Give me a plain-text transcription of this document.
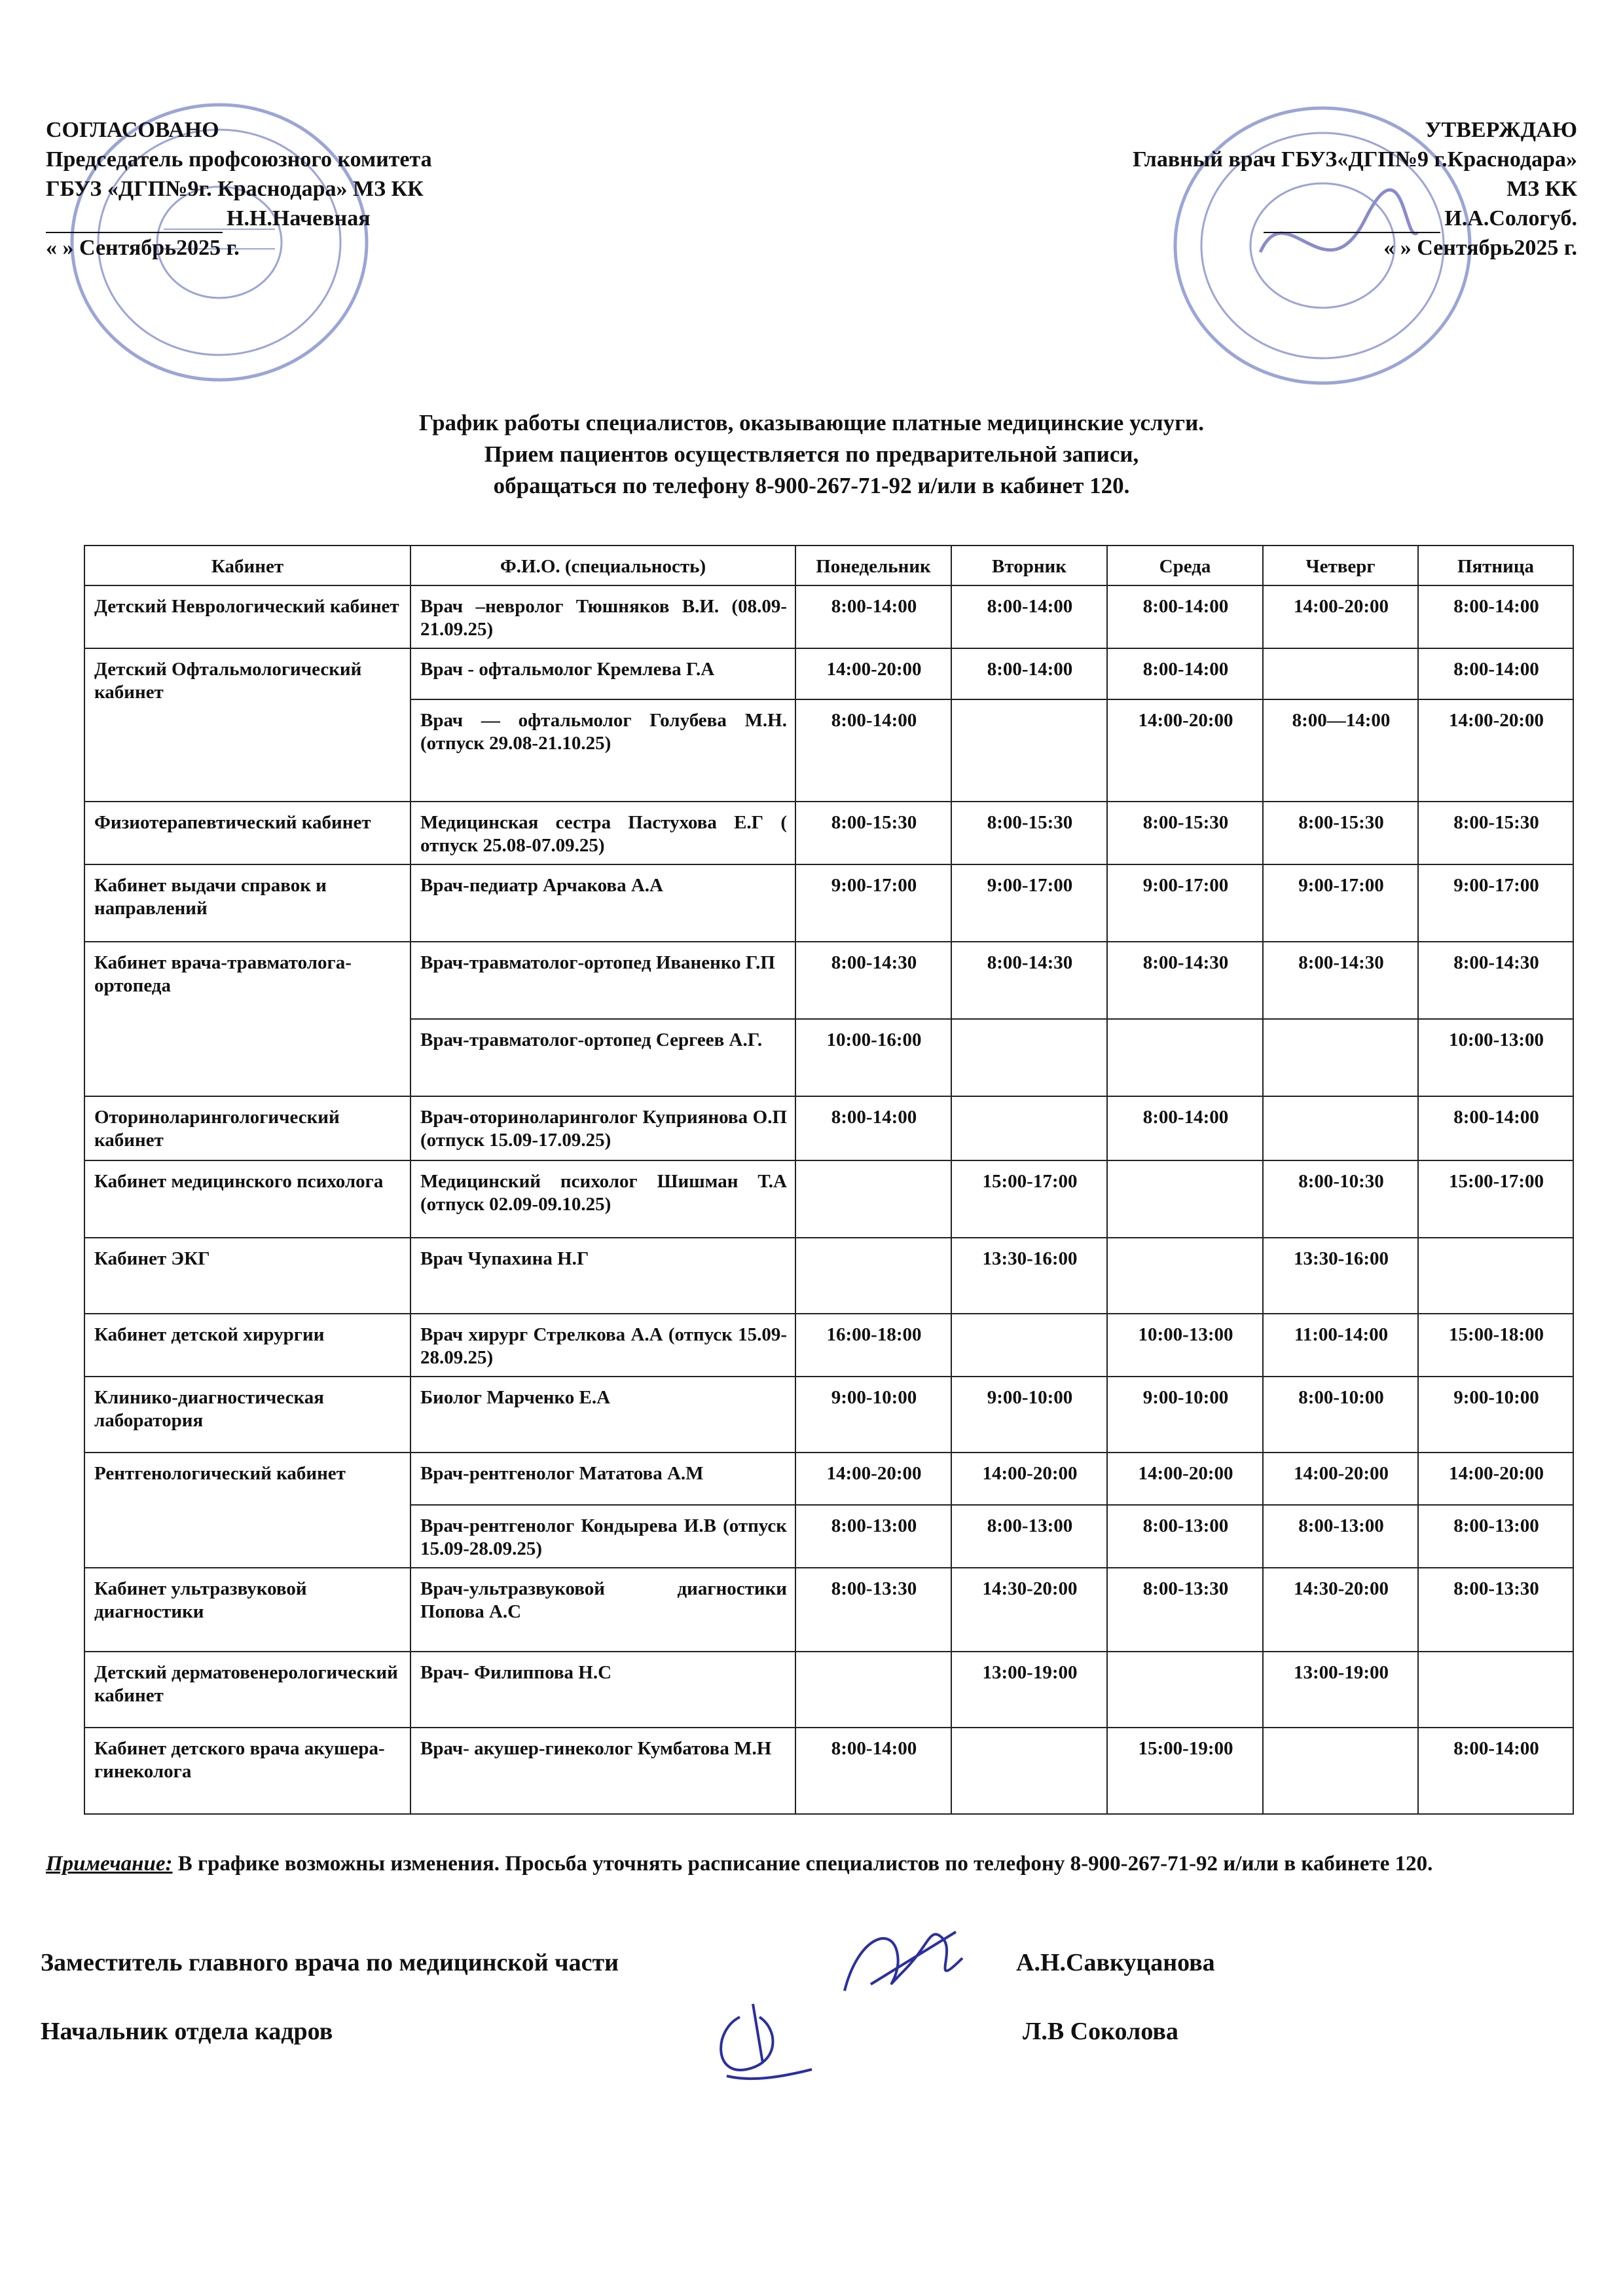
СОГЛАСОВАНО
Председатель профсоюзного комитета
ГБУЗ «ДГП№9г. Краснодара» МЗ КК
Н.Н.Начевная
« » Сентябрь2025 г.
УТВЕРЖДАЮ
Главный врач ГБУЗ«ДГП№9 г.Краснодара»
МЗ КК
И.А.Сологуб.
« » Сентябрь2025 г.
График работы специалистов, оказывающие платные медицинские услуги.
Прием пациентов осуществляется по предварительной записи,
обращаться по телефону 8-900-267-71-92 и/или в кабинет 120.
Кабинет	Ф.И.О. (специальность)	Понедельник	Вторник	Среда	Четверг	Пятница
Детский Неврологический кабинет	Врач –невролог Тюшняков В.И. (08.09-21.09.25)	8:00-14:00	8:00-14:00	8:00-14:00	14:00-20:00	8:00-14:00
Детский Офтальмологический кабинет	Врач - офтальмолог Кремлева Г.А	14:00-20:00	8:00-14:00	8:00-14:00		8:00-14:00
	Врач — офтальмолог Голубева М.Н. (отпуск 29.08-21.10.25)	8:00-14:00		14:00-20:00	8:00—14:00	14:00-20:00
Физиотерапевтический кабинет	Медицинская сестра Пастухова Е.Г ( отпуск 25.08-07.09.25)	8:00-15:30	8:00-15:30	8:00-15:30	8:00-15:30	8:00-15:30
Кабинет выдачи справок и направлений	Врач-педиатр Арчакова А.А	9:00-17:00	9:00-17:00	9:00-17:00	9:00-17:00	9:00-17:00
Кабинет врача-травматолога-ортопеда	Врач-травматолог-ортопед Иваненко Г.П	8:00-14:30	8:00-14:30	8:00-14:30	8:00-14:30	8:00-14:30
	Врач-травматолог-ортопед Сергеев А.Г.	10:00-16:00				10:00-13:00
Оториноларингологический кабинет	Врач-оториноларинголог Куприянова О.П (отпуск 15.09-17.09.25)	8:00-14:00		8:00-14:00		8:00-14:00
Кабинет медицинского психолога	Медицинский психолог Шишман Т.А (отпуск 02.09-09.10.25)		15:00-17:00		8:00-10:30	15:00-17:00
Кабинет ЭКГ	Врач Чупахина Н.Г		13:30-16:00		13:30-16:00	
Кабинет детской хирургии	Врач хирург Стрелкова А.А (отпуск 15.09-28.09.25)	16:00-18:00		10:00-13:00	11:00-14:00	15:00-18:00
Клинико-диагностическая лаборатория	Биолог Марченко Е.А	9:00-10:00	9:00-10:00	9:00-10:00	8:00-10:00	9:00-10:00
Рентгенологический кабинет	Врач-рентгенолог Мататова А.М	14:00-20:00	14:00-20:00	14:00-20:00	14:00-20:00	14:00-20:00
	Врач-рентгенолог Кондырева И.В (отпуск 15.09-28.09.25)	8:00-13:00	8:00-13:00	8:00-13:00	8:00-13:00	8:00-13:00
Кабинет ультразвуковой диагностики	Врач-ультразвуковой диагностики Попова А.С	8:00-13:30	14:30-20:00	8:00-13:30	14:30-20:00	8:00-13:30
Детский дерматовенерологический кабинет	Врач- Филиппова Н.С		13:00-19:00		13:00-19:00	
Кабинет детского врача акушера-гинеколога	Врач- акушер-гинеколог Кумбатова М.Н	8:00-14:00		15:00-19:00		8:00-14:00
Примечание: В графике возможны изменения. Просьба уточнять расписание специалистов по телефону 8-900-267-71-92 и/или в кабинете 120.
Заместитель главного врача по медицинской части	А.Н.Савкуцанова
Начальник отдела кадров	Л.В Соколова
